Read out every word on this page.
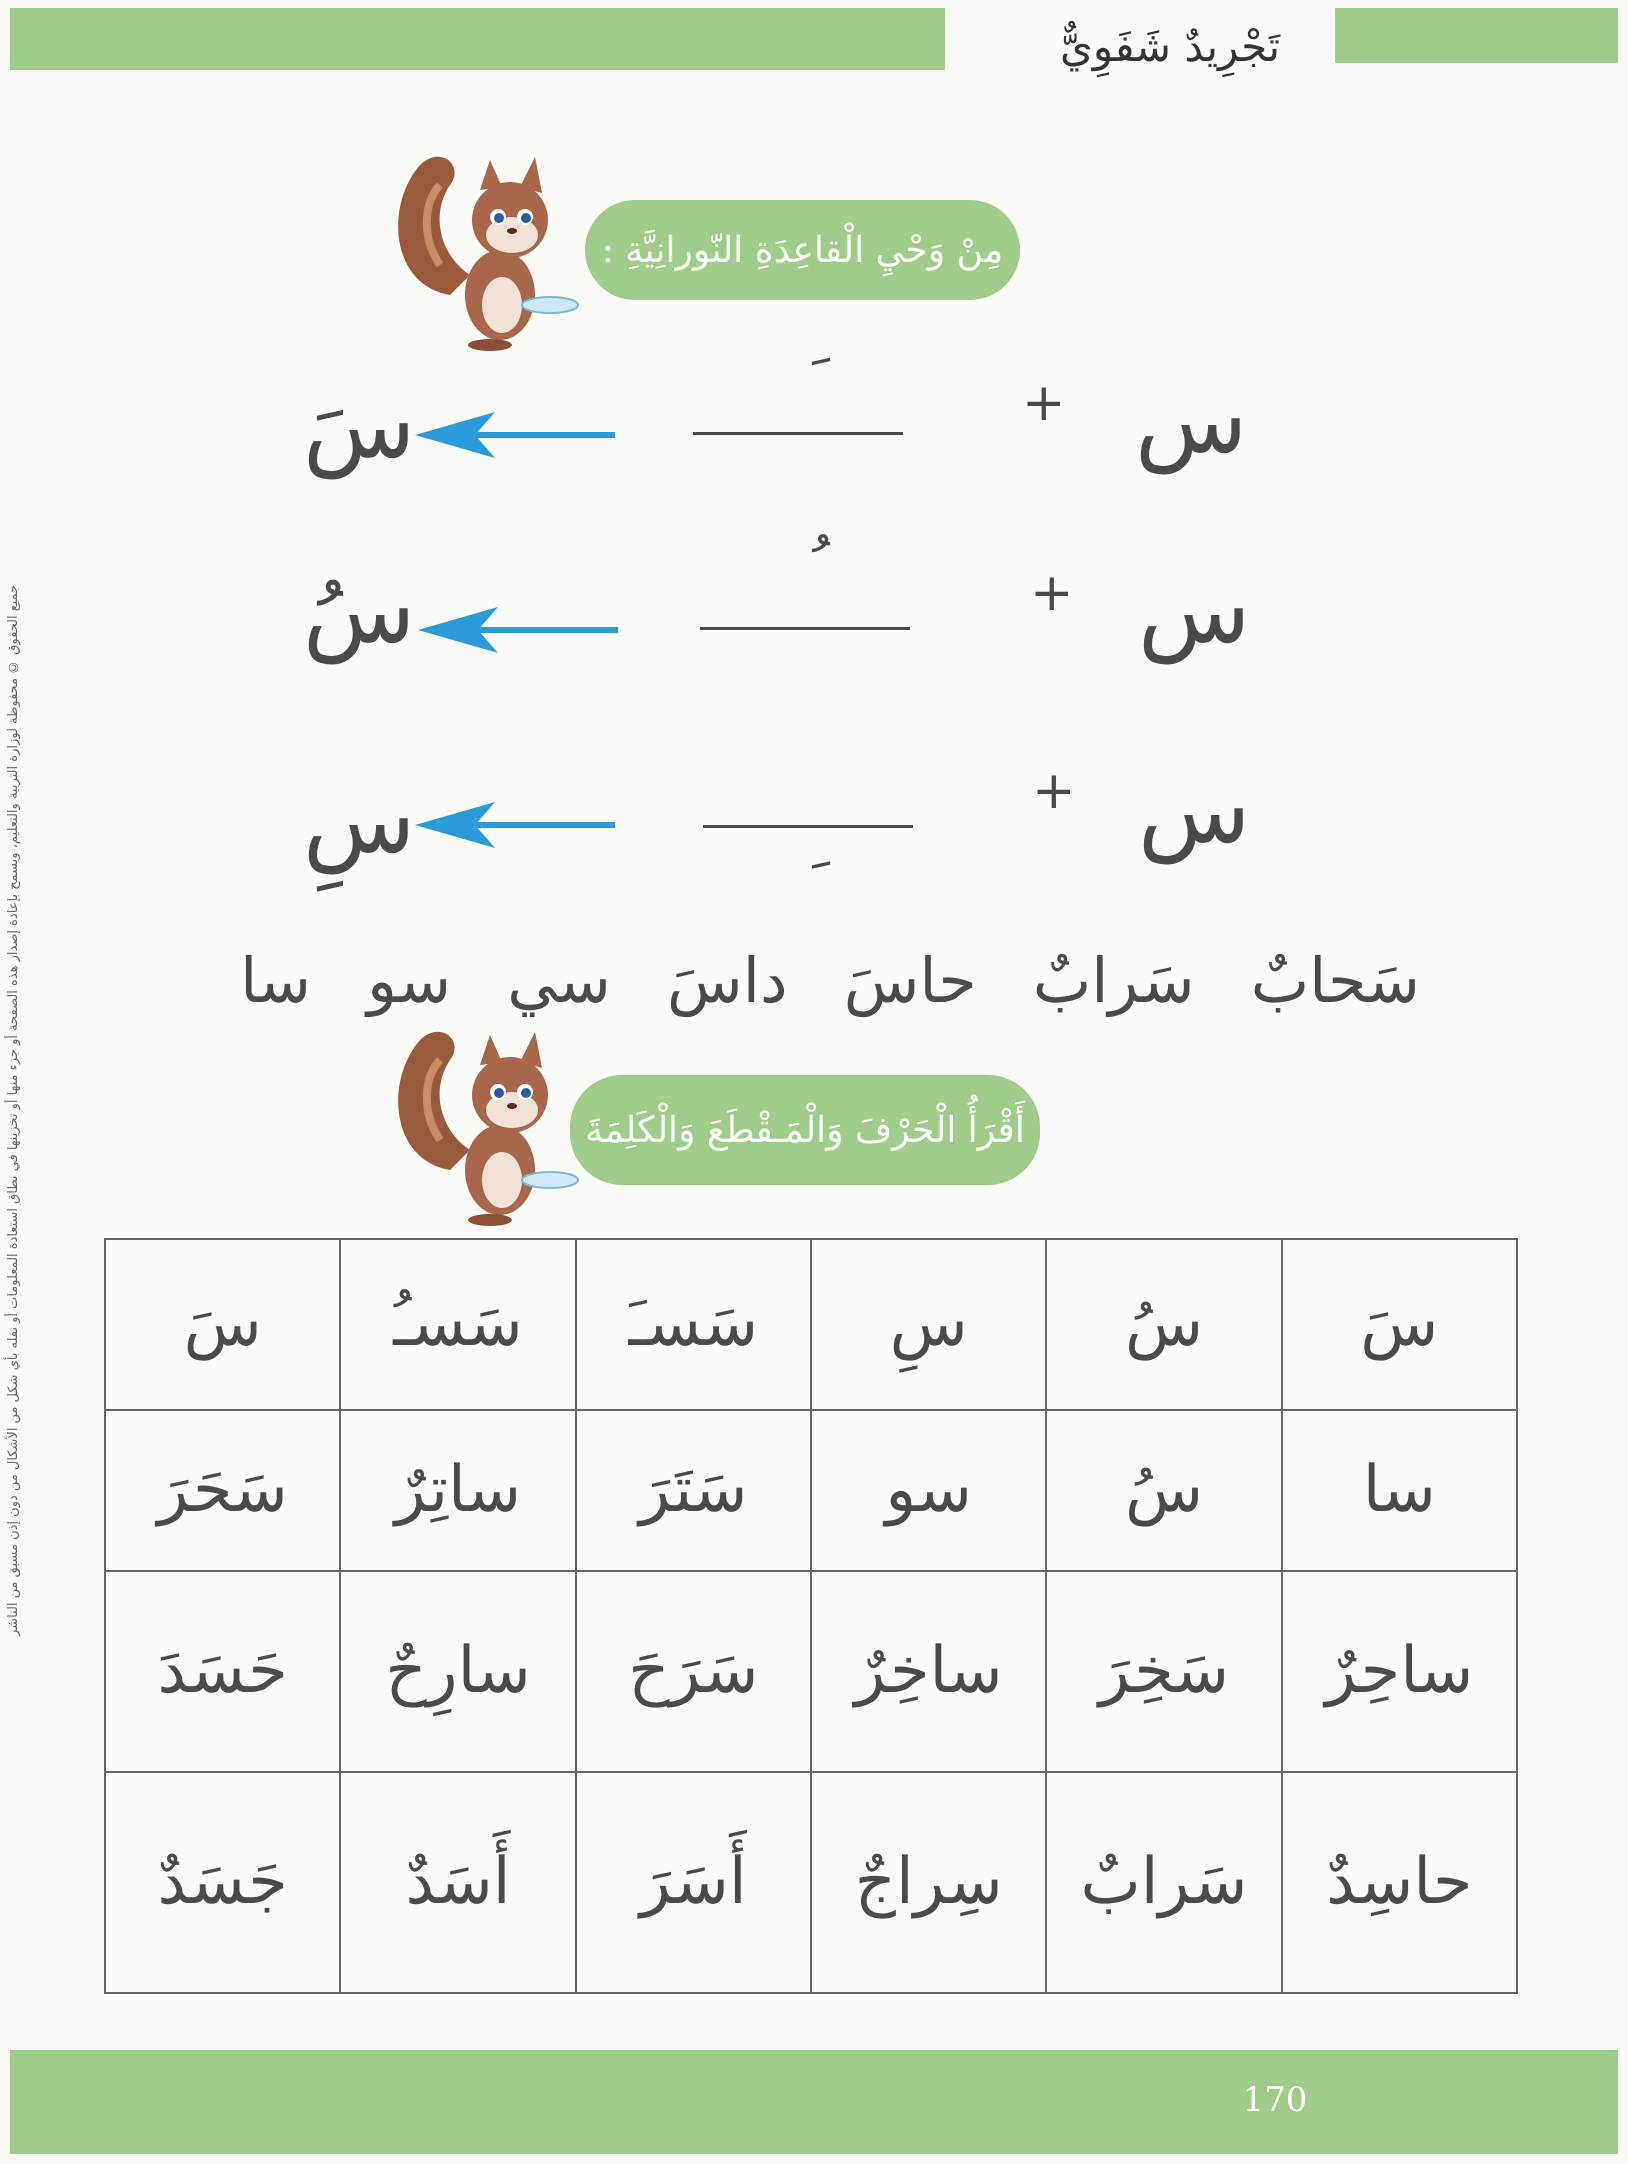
تَجْرِيدٌ شَفَوِيٌّ
مِنْ وَحْيِ الْقاعِدَةِ النّورانِيَّةِ :
س
+
سَ
س
+
سُ
س
+
سِ
سا سو سي داسَ حاسَ سَرابٌ سَحابٌ
أَقْرَأُ الْحَرْفَ وَالْمَـقْطَعَ وَالْكَلِمَةَ
سَ	سُ	سِ	سَسـَ	سَسـُ	سَ
سا	سُ	سو	سَتَرَ	ساتِرٌ	سَحَرَ
ساحِرٌ	سَخِرَ	ساخِرٌ	سَرَحَ	سارِحٌ	حَسَدَ
حاسِدٌ	سَرابٌ	سِراجٌ	أَسَرَ	أَسَدٌ	جَسَدٌ
جميع الحقوق © محفوظة لوزارة التربية والتعليم، ويسمح بإعادة إصدار هذه الصفحة أو جزء منها أو تخزينها في نطاق استعادة المعلومات أو نقله بأي شكل من الأشكال من دون إذن مسبق من الناشر
170
